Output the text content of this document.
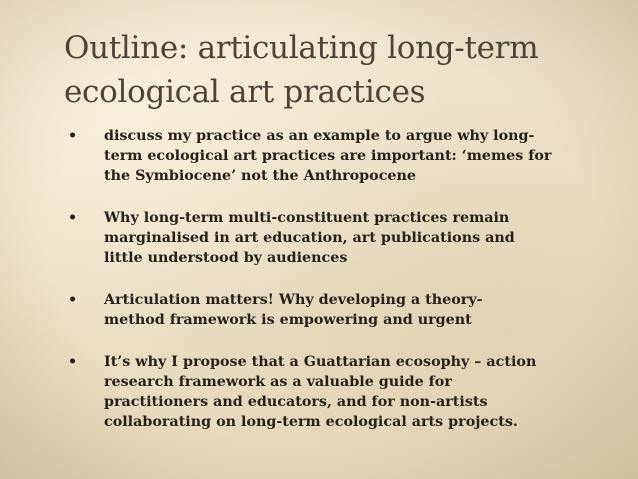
Outline: articulating long-term
ecological art practices
•	discuss my practice as an example to argue why long-
term ecological art practices are important: ‘memes for
the Symbiocene’ not the Anthropocene
•	Why long-term multi-constituent practices remain
marginalised in art education, art publications and
little understood by audiences
•	Articulation matters! Why developing a theory-
method framework is empowering and urgent
•	It’s why I propose that a Guattarian ecosophy – action
research framework as a valuable guide for
practitioners and educators, and for non-artists
collaborating on long-term ecological arts projects.
